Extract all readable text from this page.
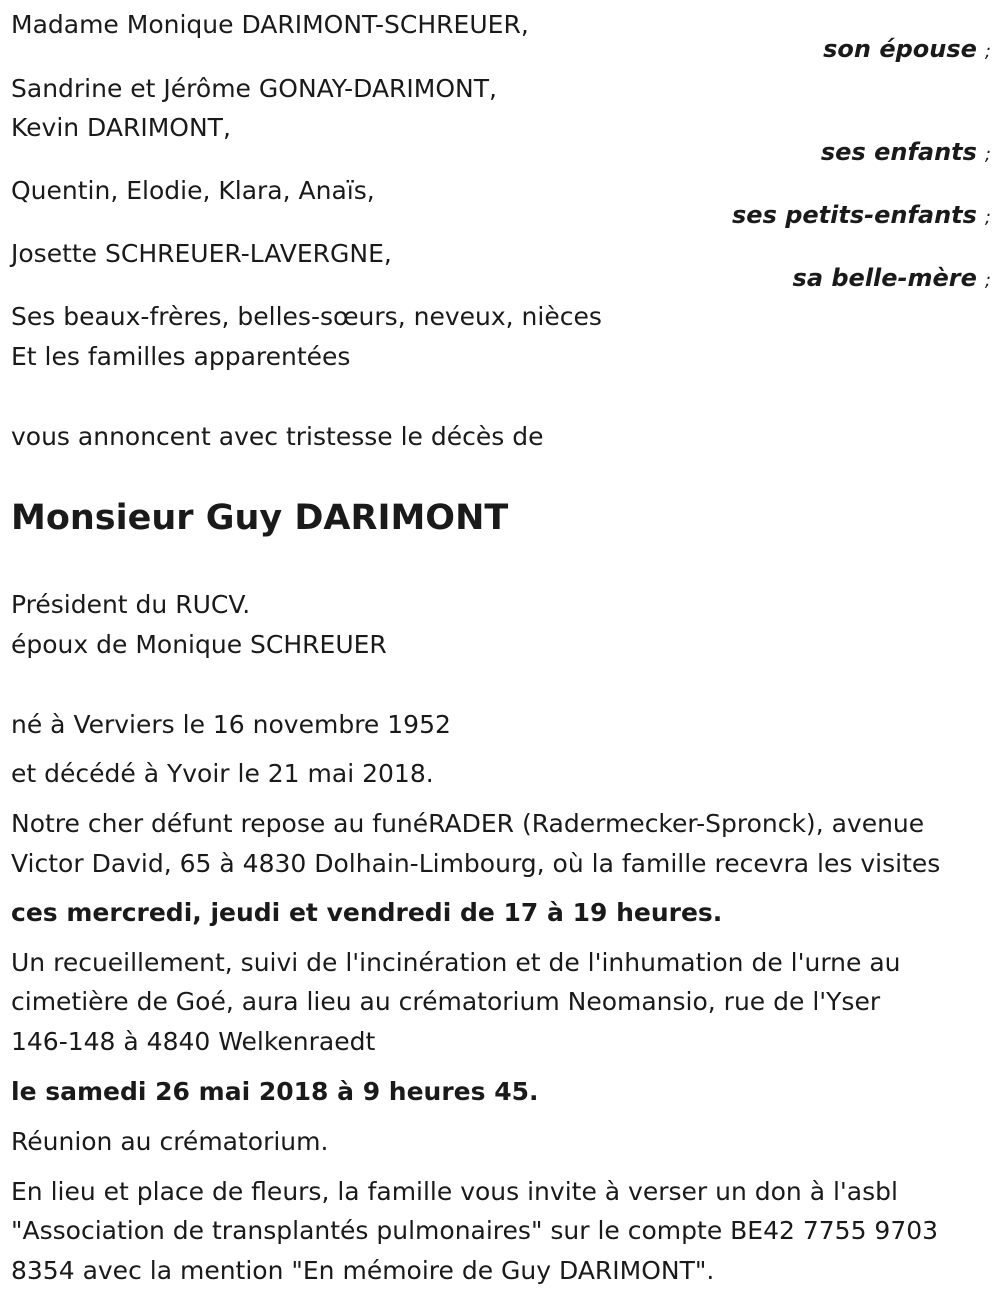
Madame Monique DARIMONT-SCHREUER,
son épouse ;
Sandrine et Jérôme GONAY-DARIMONT,
Kevin DARIMONT,
ses enfants ;
Quentin, Elodie, Klara, Anaïs,
ses petits-enfants ;
Josette SCHREUER-LAVERGNE,
sa belle-mère ;
Ses beaux-frères, belles-sœurs, neveux, nièces
Et les familles apparentées
vous annoncent avec tristesse le décès de
Monsieur Guy DARIMONT
Président du RUCV.
époux de Monique SCHREUER
né à Verviers le 16 novembre 1952
et décédé à Yvoir le 21 mai 2018.
Notre cher défunt repose au funéRADER (Radermecker-Spronck), avenue
Victor David, 65 à 4830 Dolhain-Limbourg, où la famille recevra les visites
ces mercredi, jeudi et vendredi de 17 à 19 heures.
Un recueillement, suivi de l'incinération et de l'inhumation de l'urne au
cimetière de Goé, aura lieu au crématorium Neomansio, rue de l'Yser
146-148 à 4840 Welkenraedt
le samedi 26 mai 2018 à 9 heures 45.
Réunion au crématorium.
En lieu et place de fleurs, la famille vous invite à verser un don à l'asbl
"Association de transplantés pulmonaires" sur le compte BE42 7755 9703
8354 avec la mention "En mémoire de Guy DARIMONT".
